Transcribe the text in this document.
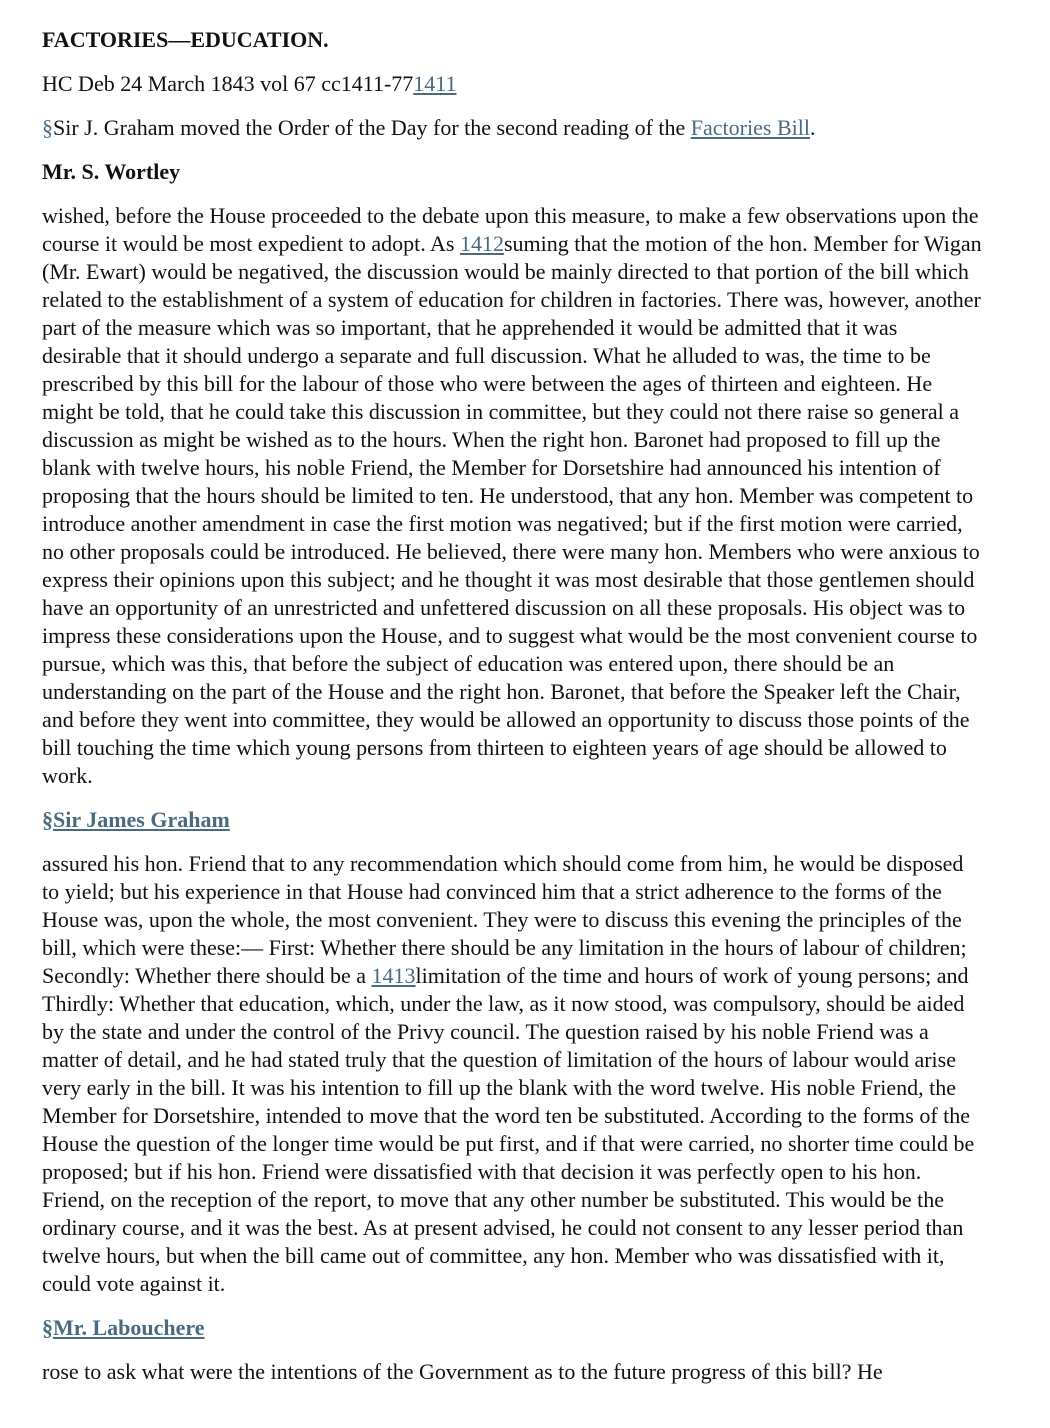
FACTORIES—EDUCATION.
HC Deb 24 March 1843 vol 67 cc1411-771411
§Sir J. Graham moved the Order of the Day for the second reading of the Factories Bill.
Mr. S. Wortley

wished, before the House proceeded to the debate upon this measure, to make a few observations upon the course it would be most expedient to adopt. As 1412suming that the motion of the hon. Member for Wigan (Mr. Ewart) would be negatived, the discussion would be mainly directed to that portion of the bill which related to the establishment of a system of education for children in factories. There was, however, another part of the measure which was so important, that he apprehended it would be admitted that it was desirable that it should undergo a separate and full discussion. What he alluded to was, the time to be prescribed by this bill for the labour of those who were between the ages of thirteen and eighteen. He might be told, that he could take this discussion in committee, but they could not there raise so general a discussion as might be wished as to the hours. When the right hon. Baronet had proposed to fill up the blank with twelve hours, his noble Friend, the Member for Dorsetshire had announced his intention of proposing that the hours should be limited to ten. He understood, that any hon. Member was competent to introduce another amendment in case the first motion was negatived; but if the first motion were carried, no other proposals could be introduced. He believed, there were many hon. Members who were anxious to express their opinions upon this subject; and he thought it was most desirable that those gentlemen should have an opportunity of an unrestricted and unfettered discussion on all these proposals. His object was to impress these considerations upon the House, and to suggest what would be the most convenient course to pursue, which was this, that before the subject of education was entered upon, there should be an understanding on the part of the House and the right hon. Baronet, that before the Speaker left the Chair, and before they went into committee, they would be allowed an opportunity to discuss those points of the bill touching the time which young persons from thirteen to eighteen years of age should be allowed to work.

§Sir James Graham

assured his hon. Friend that to any recommendation which should come from him, he would be disposed to yield; but his experience in that House had convinced him that a strict adherence to the forms of the House was, upon the whole, the most convenient. They were to discuss this evening the principles of the bill, which were these:— First: Whether there should be any limitation in the hours of labour of children; Secondly: Whether there should be a 1413limitation of the time and hours of work of young persons; and Thirdly: Whether that education, which, under the law, as it now stood, was compulsory, should be aided by the state and under the control of the Privy council. The question raised by his noble Friend was a matter of detail, and he had stated truly that the question of limitation of the hours of labour would arise very early in the bill. It was his intention to fill up the blank with the word twelve. His noble Friend, the Member for Dorsetshire, intended to move that the word ten be substituted. According to the forms of the House the question of the longer time would be put first, and if that were carried, no shorter time could be proposed; but if his hon. Friend were dissatisfied with that decision it was perfectly open to his hon. Friend, on the reception of the report, to move that any other number be substituted. This would be the ordinary course, and it was the best. As at present advised, he could not consent to any lesser period than twelve hours, but when the bill came out of committee, any hon. Member who was dissatisfied with it, could vote against it.

§Mr. Labouchere

rose to ask what were the intentions of the Government as to the future progress of this bill? He
